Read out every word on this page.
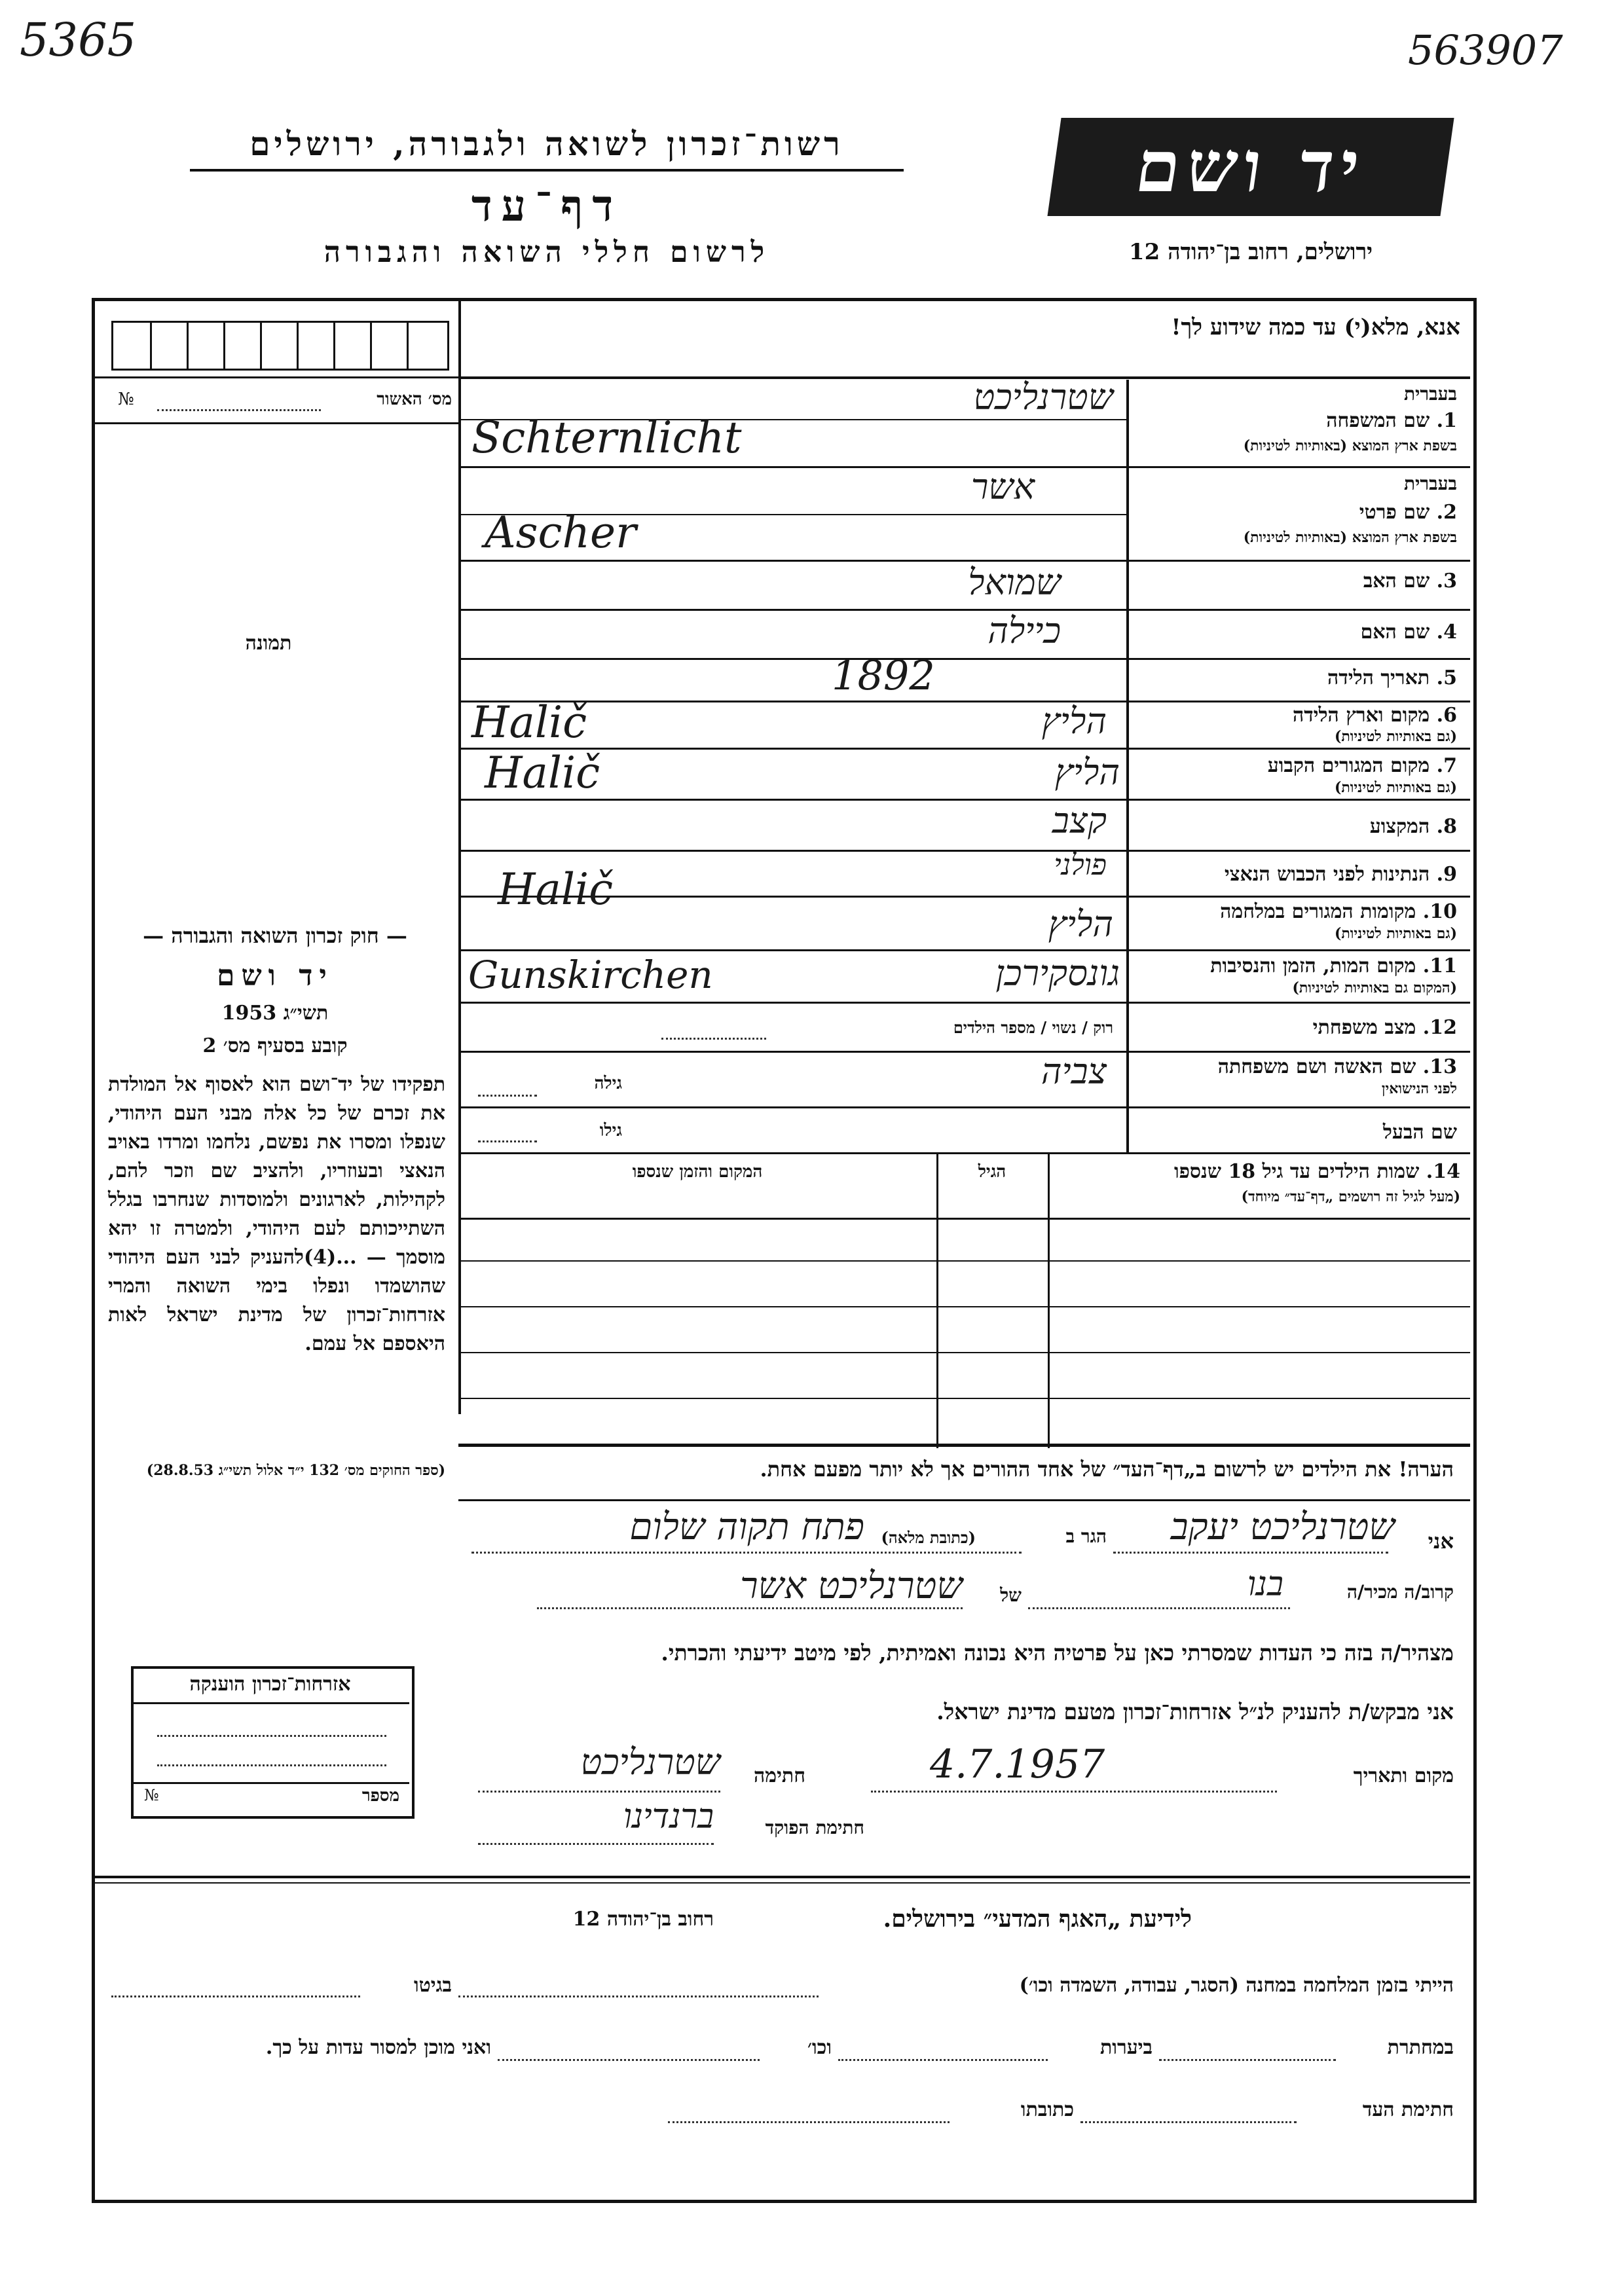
5365	563907
רשות־זכרון לשואה ולגבורה, ירושלים
דף־עד
לרשום חללי השואה והגבורה
יד ושם
ירושלים, רחוב בן־יהודה 12
אנא, מלא(י) עד כמה שידוע לך!
מס׳ האשור
№
תמונה
בעברית
1. שם המשפחה
בשפת ארץ המוצא (באותיות לטיניות)
שטרנליכט
Schternlicht
בעברית
2. שם פרטי
בשפת ארץ המוצא (באותיות לטיניות)
אשר
Ascher
3. שם האב
שמואל
4. שם האם
כיילה
5. תאריך הלידה
1892
6. מקום וארץ הלידה
(גם באותיות לטיניות)
הליץ
Halič
7. מקום המגורים הקבוע
(גם באותיות לטיניות)
הליץ
Halič
8. המקצוע
קצב
9. הנתינות לפני הכבוש הנאצי
פולני
10. מקומות המגורים במלחמה
(גם באותיות לטיניות)
הליץ
Halič
11. מקום המות, הזמן והנסיבות
(המקום גם באותיות לטיניות)
גונסקירכן
Gunskirchen
12. מצב משפחתי
רוק / נשוי / מספר הילדים
13. שם האשה ושם משפחתה
לפני הנישואין
צביה
גילה
שם הבעל
גילו
14. שמות הילדים עד גיל 18 שנספו
(מעל לגיל זה רושמים „דף־עד״ מיוחד)
הגיל
המקום והזמן שנספו
הערה! את הילדים יש לרשום ב„דף־העד״ של אחד ההורים אך לא יותר מפעם אחת.
— חוק זכרון השואה והגבורה —
יד ושם
תשי״ג 1953
קובע בסעיף מס׳ 2
תפקידו של יד־ושם הוא לאסוף אל המולדת את זכרם של כל אלה מבני העם היהודי, שנפלו ומסרו את נפשם, נלחמו ומרדו באויב הנאצי ובעוזריו, ולהציב שם וזכר להם, לקהילות, לארגונים ולמוסדות שנחרבו בגלל השתייכותם לעם היהודי, ולמטרה זו יהא מוסמך — ...(4)להעניק לבני העם היהודי שהושמדו ונפלו בימי השואה והמרי אזרחות־זכרון של מדינת ישראל לאות היאספם אל עמם.
(ספר החוקים מס׳ 132 י״ד אלול תשי״ג 28.8.53)
אזרחות־זכרון הוענקה
מספר
№
אני
שטרנליכט יעקב
הגר ב
(כתובת מלאה)
פתח תקוה שלום
קרוב/ה מכיר/ה
בנו
של
שטרנליכט אשר
מצהיר/ה בזה כי העדות שמסרתי כאן על פרטיה היא נכונה ואמיתית, לפי מיטב ידיעתי והכרתי.
אני מבקש/ת להעניק לנ״ל אזרחות־זכרון מטעם מדינת ישראל.
מקום ותאריך
4.7.1957
חתימה
שטרנליכט
חתימת הפוקד
ברנדינו
לידיעת „האגף המדעי״ בירושלים.
רחוב בן־יהודה 12
הייתי בזמן המלחמה במחנה (הסגר, עבודה, השמדה וכו׳)
בגיטו
במחתרת
ביערות
וכו׳
ואני מוכן למסור עדות על כך.
חתימת העד
כתובתו
